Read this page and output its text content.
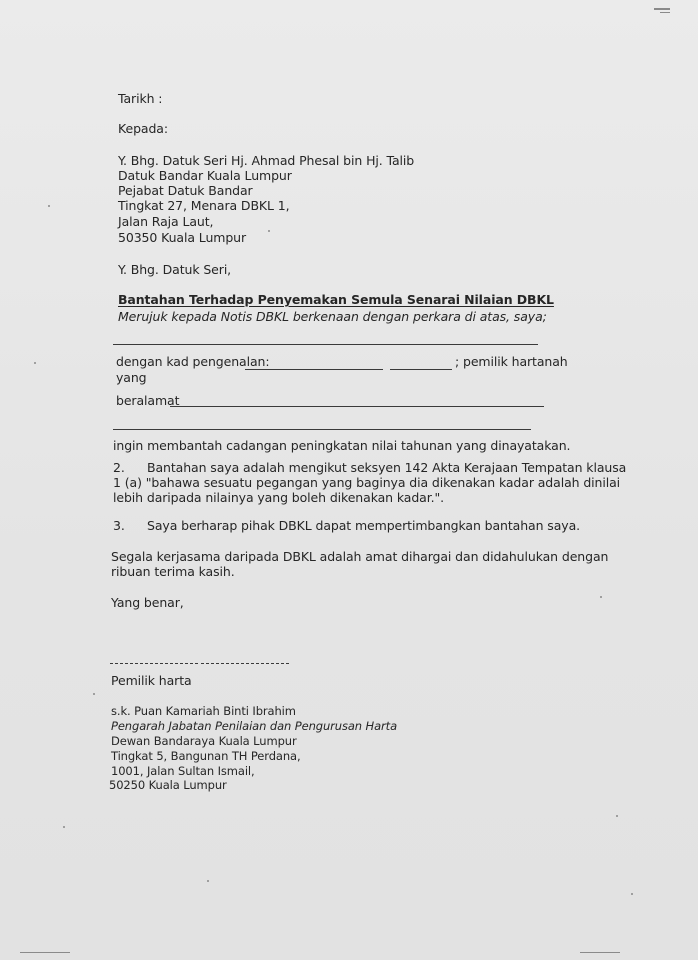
Tarikh :
Kepada:
Y. Bhg. Datuk Seri Hj. Ahmad Phesal bin Hj. Talib
Datuk Bandar Kuala Lumpur
Pejabat Datuk Bandar
Tingkat 27, Menara DBKL 1,
Jalan Raja Laut,
50350 Kuala Lumpur
Y. Bhg. Datuk Seri,
Bantahan Terhadap Penyemakan Semula Senarai Nilaian DBKL
Merujuk kepada Notis DBKL berkenaan dengan perkara di atas, saya;
dengan kad pengenalan:	; pemilik hartanah
yang
beralamat
ingin membantah cadangan peningkatan nilai tahunan yang dinayatakan.
2. Bantahan saya adalah mengikut seksyen 142 Akta Kerajaan Tempatan klausa
1 (a) "bahawa sesuatu pegangan yang baginya dia dikenakan kadar adalah dinilai
lebih daripada nilainya yang boleh dikenakan kadar.".
3. Saya berharap pihak DBKL dapat mempertimbangkan bantahan saya.
Segala kerjasama daripada DBKL adalah amat dihargai dan didahulukan dengan
ribuan terima kasih.
Yang benar,
Pemilik harta
s.k. Puan Kamariah Binti Ibrahim
Pengarah Jabatan Penilaian dan Pengurusan Harta
Dewan Bandaraya Kuala Lumpur
Tingkat 5, Bangunan TH Perdana,
1001, Jalan Sultan Ismail,
50250 Kuala Lumpur
